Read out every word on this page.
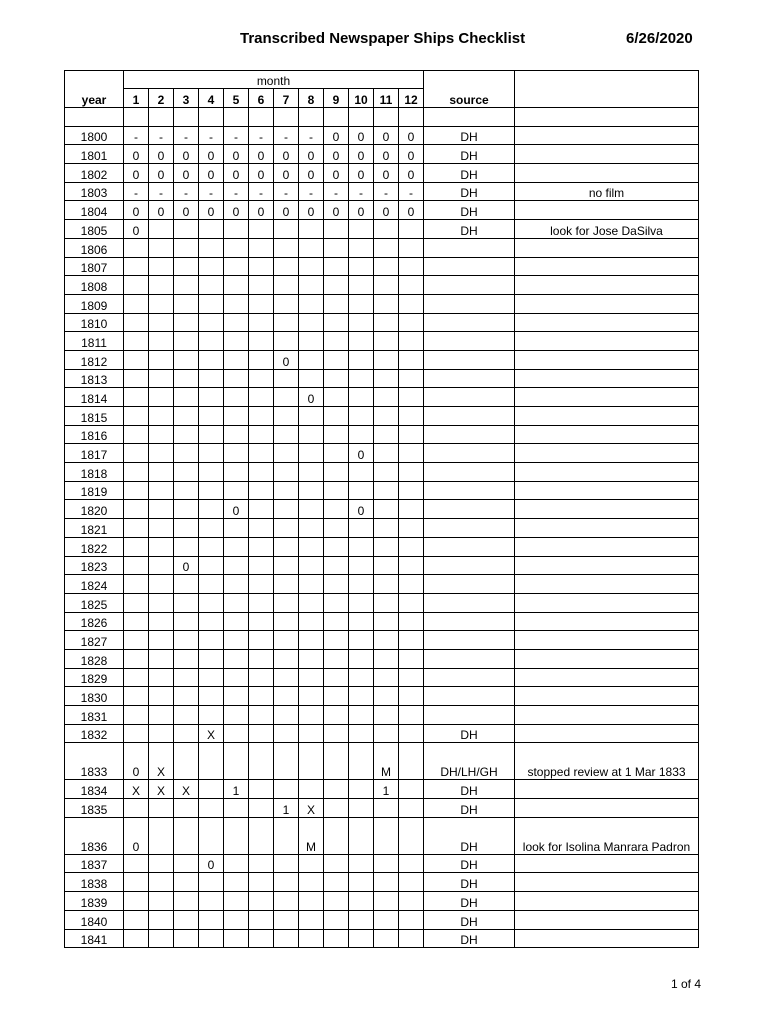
Transcribed Newspaper Ships Checklist	6/26/2020
	month													
year	1	2	3	4	5	6	7	8	9	10	11	12	source	

1800	-	-	-	-	-	-	-	-	0	0	0	0	DH	
1801	0	0	0	0	0	0	0	0	0	0	0	0	DH	
1802	0	0	0	0	0	0	0	0	0	0	0	0	DH	
1803	-	-	-	-	-	-	-	-	-	-	-	-	DH	no film
1804	0	0	0	0	0	0	0	0	0	0	0	0	DH	
1805	0												DH	look for Jose DaSilva
1806														
1807														
1808														
1809														
1810														
1811														
1812							0							
1813														
1814								0						
1815														
1816														
1817										0				
1818														
1819														
1820					0					0				
1821														
1822														
1823			0											
1824														
1825														
1826														
1827														
1828														
1829														
1830														
1831														
1832				X									DH	
1833	0	X									M		DH/LH/GH	stopped review at 1 Mar 1833
1834	X	X	X		1						1		DH	
1835							1	X					DH	
1836	0							M					DH	look for Isolina Manrara Padron
1837				0									DH	
1838													DH	
1839													DH	
1840													DH	
1841													DH	
1 of 4
